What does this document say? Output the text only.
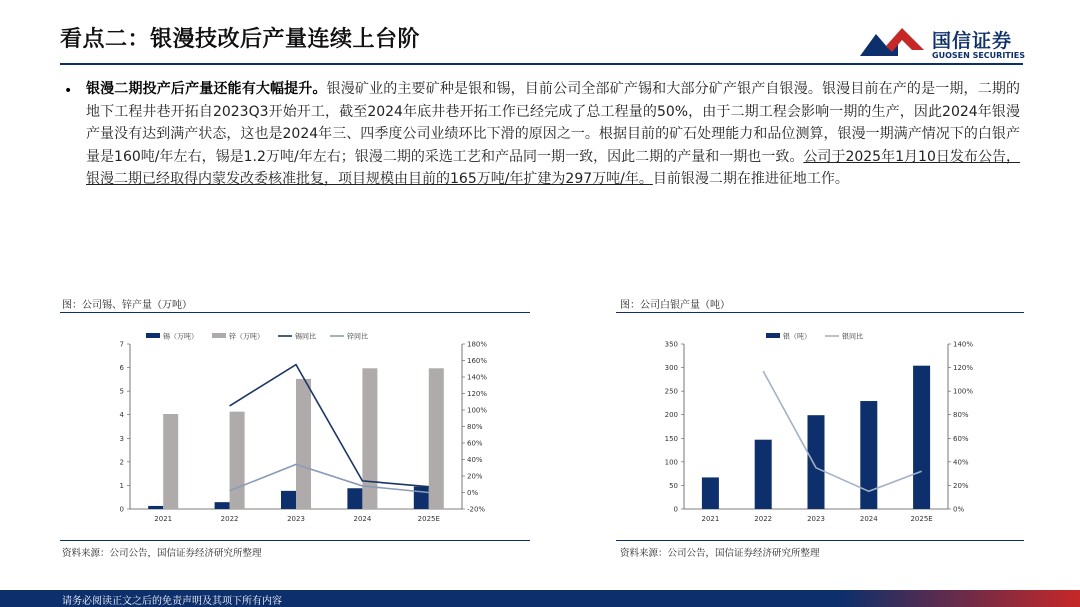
看点二：银漫技改后产量连续上台阶	国信证券
GUOSEN SECURITIES
• 银漫二期投产后产量还能有大幅提升。银漫矿业的主要矿种是银和锡，目前公司全部矿产锡和大部分矿产银产自银漫。银漫目前在产的是一期，二期的地下工程井巷开拓自2023Q3开始开工，截至2024年底井巷开拓工作已经完成了总工程量的50%，由于二期工程会影响一期的生产，因此2024年银漫产量没有达到满产状态，这也是2024年三、四季度公司业绩环比下滑的原因之一。根据目前的矿石处理能力和品位测算，银漫一期满产情况下的白银产量是160吨/年左右，锡是1.2万吨/年左右；银漫二期的采选工艺和产品同一期一致，因此二期的产量和一期也一致。公司于2025年1月10日发布公告，银漫二期已经取得内蒙发改委核准批复，项目规模由目前的165万吨/年扩建为297万吨/年。目前银漫二期在推进征地工作。
图：公司锡、锌产量（万吨）
0
1
2
3
4
5
6
7
-20%
0%
20%
40%
60%
80%
100%
120%
140%
160%
180%
2021	2022	2023	2024	2025E
锡（万吨）	锌（万吨）	锡同比	锌同比
资料来源：公司公告，国信证券经济研究所整理
图：公司白银产量（吨）
0
50
100
150
200
250
300
350
0%
20%
40%
60%
80%
100%
120%
140%
2021	2022	2023	2024	2025E
银（吨）	银同比
资料来源：公司公告，国信证券经济研究所整理
请务必阅读正文之后的免责声明及其项下所有内容
